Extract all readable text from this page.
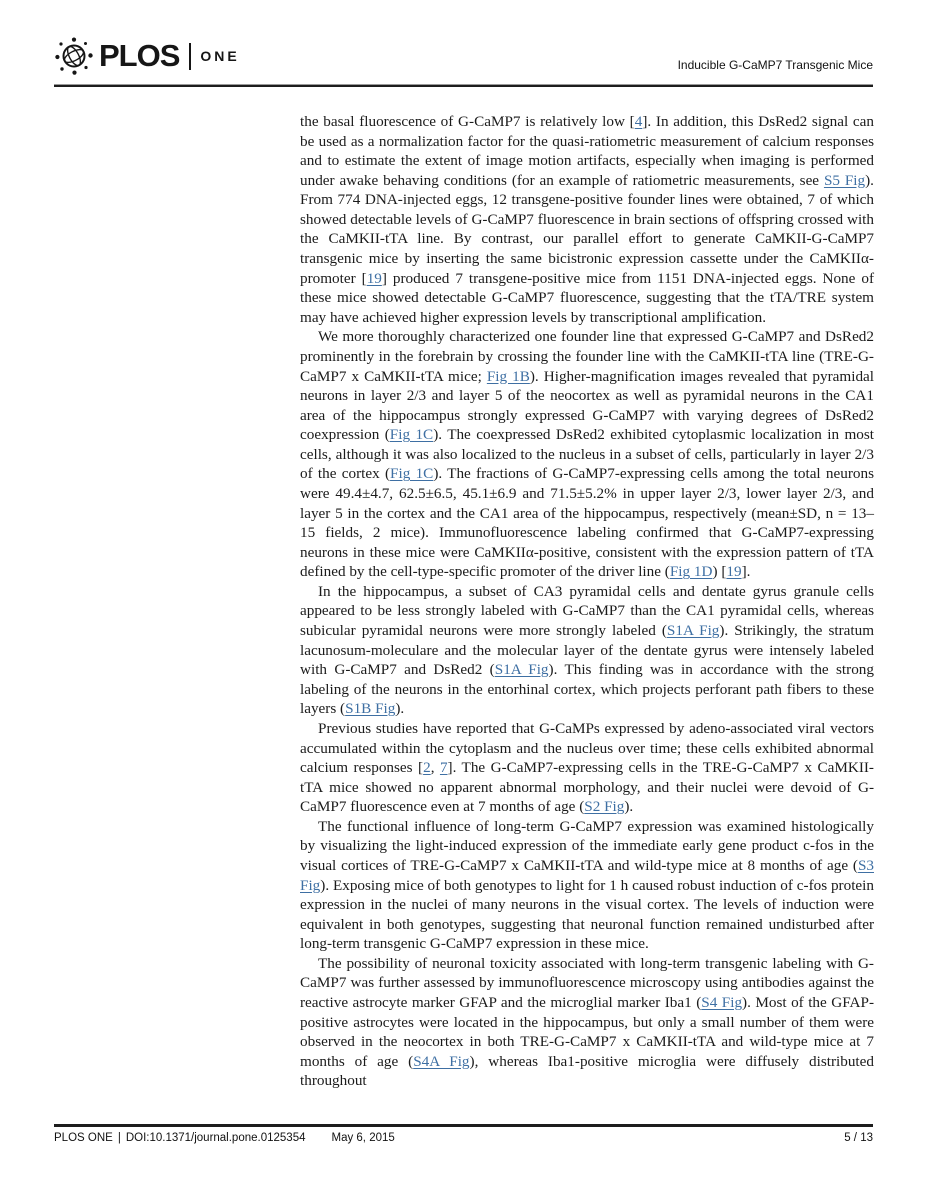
PLOS ONE
Inducible G-CaMP7 Transgenic Mice

the basal fluorescence of G-CaMP7 is relatively low [4]. In addition, this DsRed2 signal can be used as a normalization factor for the quasi-ratiometric measurement of calcium responses and to estimate the extent of image motion artifacts, especially when imaging is performed under awake behaving conditions (for an example of ratiometric measurements, see S5 Fig). From 774 DNA-injected eggs, 12 transgene-positive founder lines were obtained, 7 of which showed detectable levels of G-CaMP7 fluorescence in brain sections of offspring crossed with the CaMKII-tTA line. By contrast, our parallel effort to generate CaMKII-G-CaMP7 transgenic mice by inserting the same bicistronic expression cassette under the CaMKIIα-promoter [19] produced 7 transgene-positive mice from 1151 DNA-injected eggs. None of these mice showed detectable G-CaMP7 fluorescence, suggesting that the tTA/TRE system may have achieved higher expression levels by transcriptional amplification.

We more thoroughly characterized one founder line that expressed G-CaMP7 and DsRed2 prominently in the forebrain by crossing the founder line with the CaMKII-tTA line (TRE-G-CaMP7 x CaMKII-tTA mice; Fig 1B). Higher-magnification images revealed that pyramidal neurons in layer 2/3 and layer 5 of the neocortex as well as pyramidal neurons in the CA1 area of the hippocampus strongly expressed G-CaMP7 with varying degrees of DsRed2 coexpression (Fig 1C). The coexpressed DsRed2 exhibited cytoplasmic localization in most cells, although it was also localized to the nucleus in a subset of cells, particularly in layer 2/3 of the cortex (Fig 1C). The fractions of G-CaMP7-expressing cells among the total neurons were 49.4±4.7, 62.5±6.5, 45.1±6.9 and 71.5±5.2% in upper layer 2/3, lower layer 2/3, and layer 5 in the cortex and the CA1 area of the hippocampus, respectively (mean±SD, n = 13–15 fields, 2 mice). Immunofluorescence labeling confirmed that G-CaMP7-expressing neurons in these mice were CaMKIIα-positive, consistent with the expression pattern of tTA defined by the cell-type-specific promoter of the driver line (Fig 1D) [19].

In the hippocampus, a subset of CA3 pyramidal cells and dentate gyrus granule cells appeared to be less strongly labeled with G-CaMP7 than the CA1 pyramidal cells, whereas subicular pyramidal neurons were more strongly labeled (S1A Fig). Strikingly, the stratum lacunosum-moleculare and the molecular layer of the dentate gyrus were intensely labeled with G-CaMP7 and DsRed2 (S1A Fig). This finding was in accordance with the strong labeling of the neurons in the entorhinal cortex, which projects perforant path fibers to these layers (S1B Fig).

Previous studies have reported that G-CaMPs expressed by adeno-associated viral vectors accumulated within the cytoplasm and the nucleus over time; these cells exhibited abnormal calcium responses [2, 7]. The G-CaMP7-expressing cells in the TRE-G-CaMP7 x CaMKII-tTA mice showed no apparent abnormal morphology, and their nuclei were devoid of G-CaMP7 fluorescence even at 7 months of age (S2 Fig).

The functional influence of long-term G-CaMP7 expression was examined histologically by visualizing the light-induced expression of the immediate early gene product c-fos in the visual cortices of TRE-G-CaMP7 x CaMKII-tTA and wild-type mice at 8 months of age (S3 Fig). Exposing mice of both genotypes to light for 1 h caused robust induction of c-fos protein expression in the nuclei of many neurons in the visual cortex. The levels of induction were equivalent in both genotypes, suggesting that neuronal function remained undisturbed after long-term transgenic G-CaMP7 expression in these mice.

The possibility of neuronal toxicity associated with long-term transgenic labeling with G-CaMP7 was further assessed by immunofluorescence microscopy using antibodies against the reactive astrocyte marker GFAP and the microglial marker Iba1 (S4 Fig). Most of the GFAP-positive astrocytes were located in the hippocampus, but only a small number of them were observed in the neocortex in both TRE-G-CaMP7 x CaMKII-tTA and wild-type mice at 7 months of age (S4A Fig), whereas Iba1-positive microglia were diffusely distributed throughout

PLOS ONE | DOI:10.1371/journal.pone.0125354 May 6, 2015	5 / 13
